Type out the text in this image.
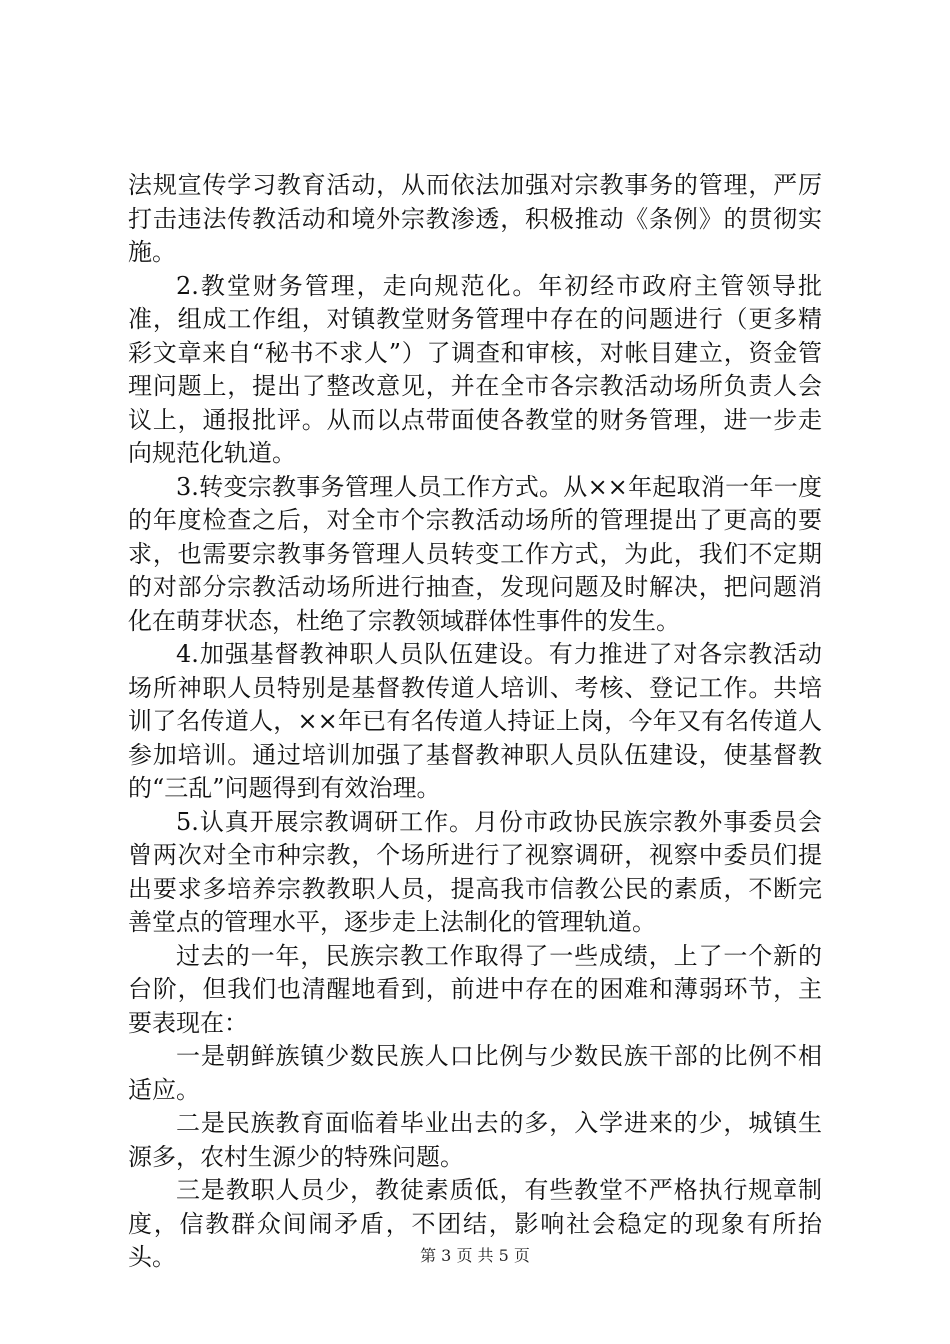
法规宣传学习教育活动，从而依法加强对宗教事务的管理，严厉打击违法传教活动和境外宗教渗透，积极推动《条例》的贯彻实施。

2.教堂财务管理，走向规范化。年初经市政府主管领导批准，组成工作组，对镇教堂财务管理中存在的问题进行（更多精彩文章来自“秘书不求人”）了调查和审核，对帐目建立，资金管理问题上，提出了整改意见，并在全市各宗教活动场所负责人会议上，通报批评。从而以点带面使各教堂的财务管理，进一步走向规范化轨道。

3.转变宗教事务管理人员工作方式。从××年起取消一年一度的年度检查之后，对全市个宗教活动场所的管理提出了更高的要求，也需要宗教事务管理人员转变工作方式，为此，我们不定期的对部分宗教活动场所进行抽查，发现问题及时解决，把问题消化在萌芽状态，杜绝了宗教领域群体性事件的发生。

4.加强基督教神职人员队伍建设。有力推进了对各宗教活动场所神职人员特别是基督教传道人培训、考核、登记工作。共培训了名传道人，××年已有名传道人持证上岗，今年又有名传道人参加培训。通过培训加强了基督教神职人员队伍建设，使基督教的“三乱”问题得到有效治理。

5.认真开展宗教调研工作。月份市政协民族宗教外事委员会曾两次对全市种宗教，个场所进行了视察调研，视察中委员们提出要求多培养宗教教职人员，提高我市信教公民的素质，不断完善堂点的管理水平，逐步走上法制化的管理轨道。

过去的一年，民族宗教工作取得了一些成绩，上了一个新的台阶，但我们也清醒地看到，前进中存在的困难和薄弱环节，主要表现在：

一是朝鲜族镇少数民族人口比例与少数民族干部的比例不相适应。

二是民族教育面临着毕业出去的多，入学进来的少，城镇生源多，农村生源少的特殊问题。

三是教职人员少，教徒素质低，有些教堂不严格执行规章制度，信教群众间闹矛盾，不团结，影响社会稳定的现象有所抬头。	第 3 页 共 5 页
